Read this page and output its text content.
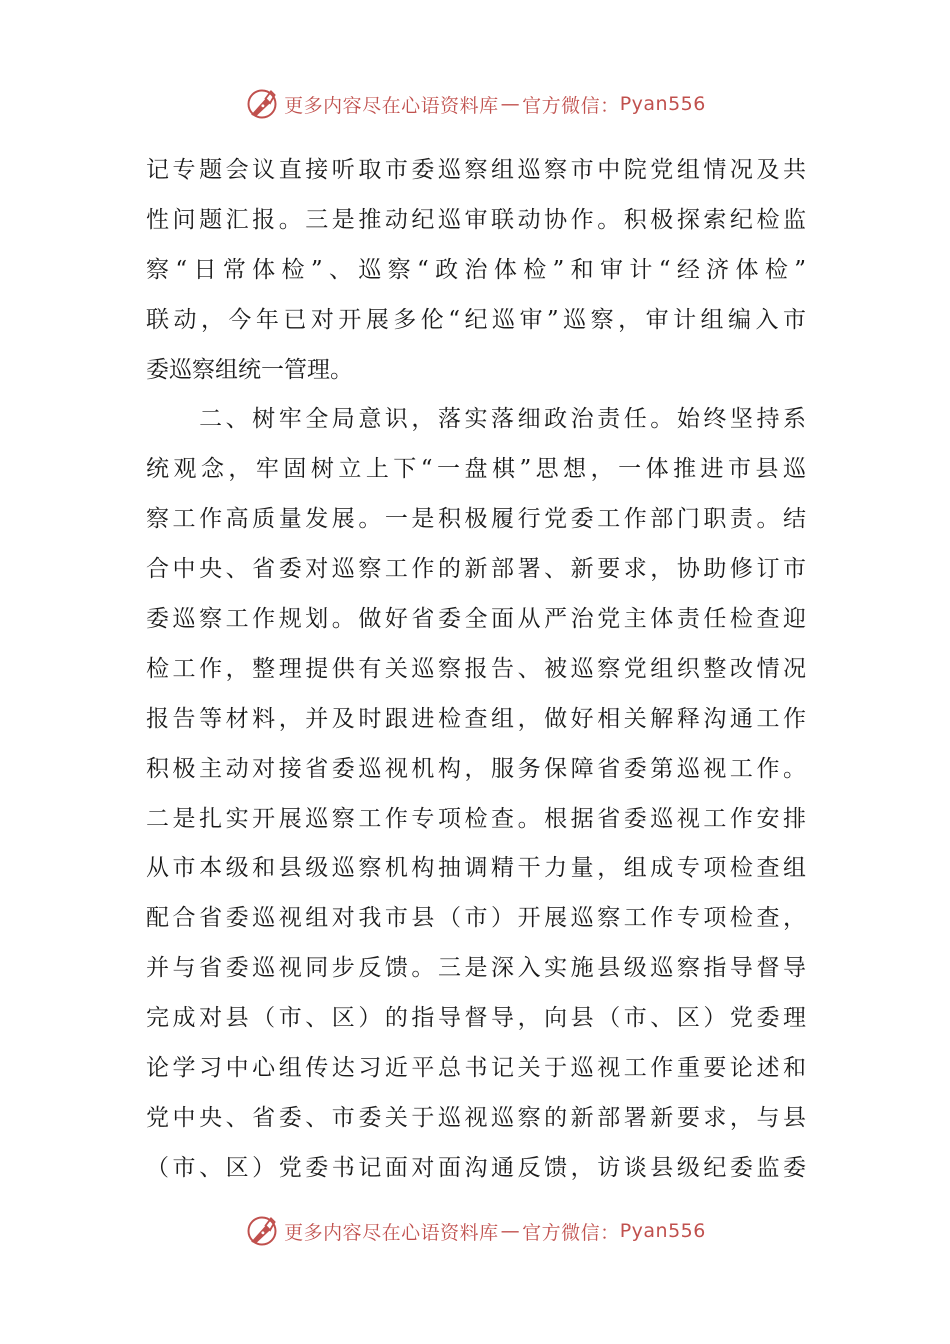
更多内容尽在心语资料库 — 官方微信： Pyan556
记专题会议直接听取市委巡察组巡察市中院党组情况及共
性问题汇报。三是推动纪巡审联动协作。积极探索纪检监
察“日常体检”、巡察“政治体检”和审计“经济体检”
联动，今年已对开展多伦“纪巡审”巡察，审计组编入市
委巡察组统一管理。
　　二、树牢全局意识，落实落细政治责任。始终坚持系
统观念，牢固树立上下“一盘棋”思想，一体推进市县巡
察工作高质量发展。一是积极履行党委工作部门职责。结
合中央、省委对巡察工作的新部署、新要求，协助修订市
委巡察工作规划。做好省委全面从严治党主体责任检查迎
检工作，整理提供有关巡察报告、被巡察党组织整改情况
报告等材料，并及时跟进检查组，做好相关解释沟通工作
积极主动对接省委巡视机构，服务保障省委第巡视工作。
二是扎实开展巡察工作专项检查。根据省委巡视工作安排
从市本级和县级巡察机构抽调精干力量，组成专项检查组
配合省委巡视组对我市县（市）开展巡察工作专项检查，
并与省委巡视同步反馈。三是深入实施县级巡察指导督导
完成对县（市、区）的指导督导，向县（市、区）党委理
论学习中心组传达习近平总书记关于巡视工作重要论述和
党中央、省委、市委关于巡视巡察的新部署新要求，与县
（市、区）党委书记面对面沟通反馈，访谈县级纪委监委
更多内容尽在心语资料库 — 官方微信： Pyan556
